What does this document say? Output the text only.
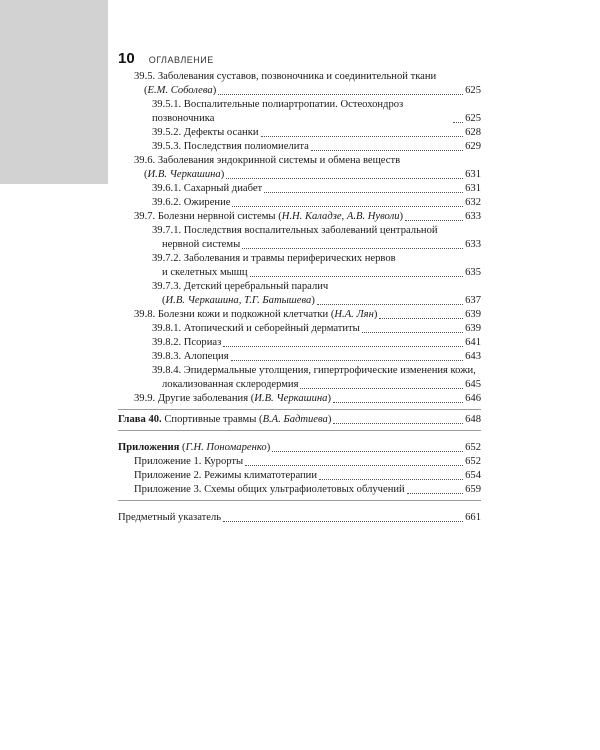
10 ОГЛАВЛЕНИЕ
39.5. Заболевания суставов, позвоночника и соединительной ткани
(Е.М. Соболева)	625
39.5.1. Воспалительные полиартропатии. Остеохондроз позвоночника	625
39.5.2. Дефекты осанки	628
39.5.3. Последствия полиомиелита	629
39.6. Заболевания эндокринной системы и обмена веществ
(И.В. Черкашина)	631
39.6.1. Сахарный диабет	631
39.6.2. Ожирение	632
39.7. Болезни нервной системы (Н.Н. Каладзе, А.В. Нуволи)	633
39.7.1. Последствия воспалительных заболеваний центральной
нервной системы	633
39.7.2. Заболевания и травмы периферических нервов
и скелетных мышц	635
39.7.3. Детский церебральный паралич
(И.В. Черкашина, Т.Г. Батышева)	637
39.8. Болезни кожи и подкожной клетчатки (Н.А. Лян)	639
39.8.1. Атопический и себорейный дерматиты	639
39.8.2. Псориаз	641
39.8.3. Алопеция	643
39.8.4. Эпидермальные утолщения, гипертрофические изменения кожи,
локализованная склеродермия	645
39.9. Другие заболевания (И.В. Черкашина)	646
Глава 40. Спортивные травмы (В.А. Бадтиева)	648
Приложения (Г.Н. Пономаренко)	652
Приложение 1. Курорты	652
Приложение 2. Режимы климатотерапии	654
Приложение 3. Схемы общих ультрафиолетовых облучений	659
Предметный указатель	661
